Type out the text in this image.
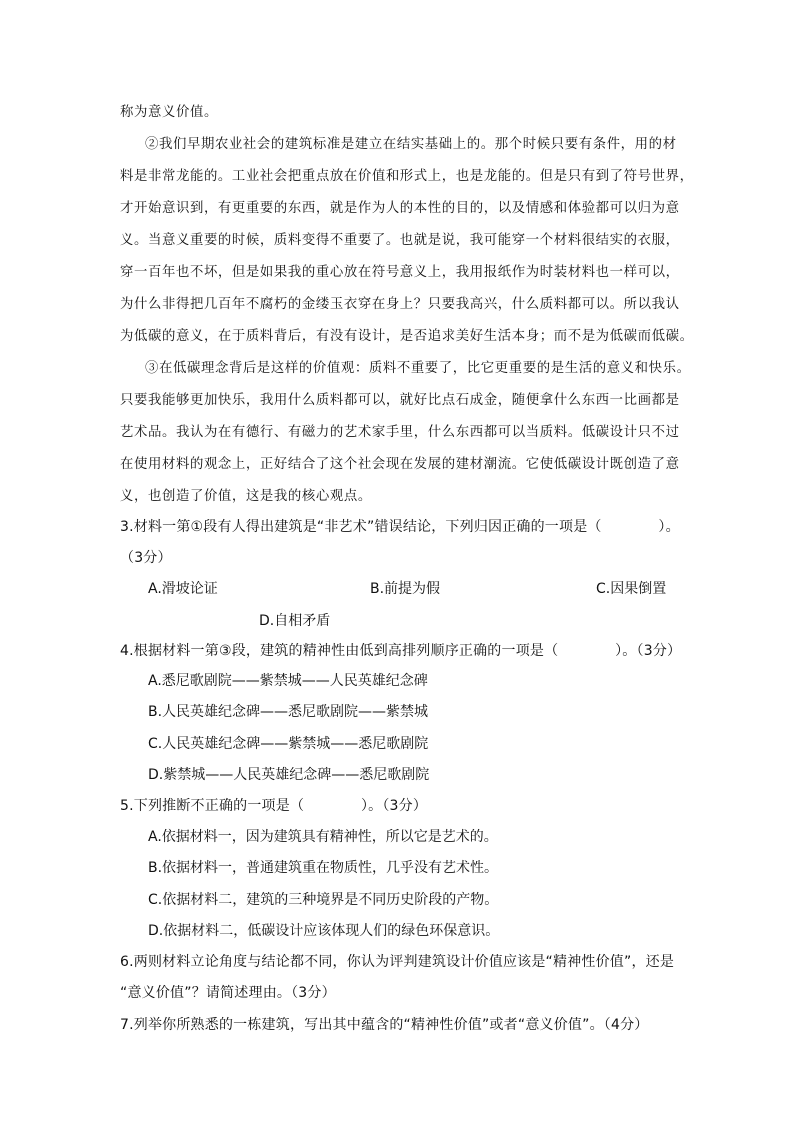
称为意义价值。
②我们早期农业社会的建筑标准是建立在结实基础上的。那个时候只要有条件，用的材
料是非常龙能的。工业社会把重点放在价值和形式上，也是龙能的。但是只有到了符号世界，
才开始意识到，有更重要的东西，就是作为人的本性的目的，以及情感和体验都可以归为意
义。当意义重要的时候，质料变得不重要了。也就是说，我可能穿一个材料很结实的衣服，
穿一百年也不坏，但是如果我的重心放在符号意义上，我用报纸作为时装材料也一样可以，
为什么非得把几百年不腐朽的金缕玉衣穿在身上？只要我高兴，什么质料都可以。所以我认
为低碳的意义，在于质料背后，有没有设计，是否追求美好生活本身；而不是为低碳而低碳。
③在低碳理念背后是这样的价值观：质料不重要了，比它更重要的是生活的意义和快乐。
只要我能够更加快乐，我用什么质料都可以，就好比点石成金，随便拿什么东西一比画都是
艺术品。我认为在有德行、有磁力的艺术家手里，什么东西都可以当质料。低碳设计只不过
在使用材料的观念上，正好结合了这个社会现在发展的建材潮流。它使低碳设计既创造了意
义，也创造了价值，这是我的核心观点。
3.材料一第①段有人得出建筑是“非艺术”错误结论，下列归因正确的一项是（　　　　）。
（3分）
A.滑坡论证	B.前提为假	C.因果倒置
D.自相矛盾
4.根据材料一第③段，建筑的精神性由低到高排列顺序正确的一项是（　　　　）。（3分）
A.悉尼歌剧院——紫禁城——人民英雄纪念碑
B.人民英雄纪念碑——悉尼歌剧院——紫禁城
C.人民英雄纪念碑——紫禁城——悉尼歌剧院
D.紫禁城——人民英雄纪念碑——悉尼歌剧院
5.下列推断不正确的一项是（　　　　）。（3分）
A.依据材料一，因为建筑具有精神性，所以它是艺术的。
B.依据材料一，普通建筑重在物质性，几乎没有艺术性。
C.依据材料二，建筑的三种境界是不同历史阶段的产物。
D.依据材料二，低碳设计应该体现人们的绿色环保意识。
6.两则材料立论角度与结论都不同，你认为评判建筑设计价值应该是“精神性价值”，还是
“意义价值”？请简述理由。（3分）
7.列举你所熟悉的一栋建筑，写出其中蕴含的“精神性价值”或者“意义价值”。（4分）
